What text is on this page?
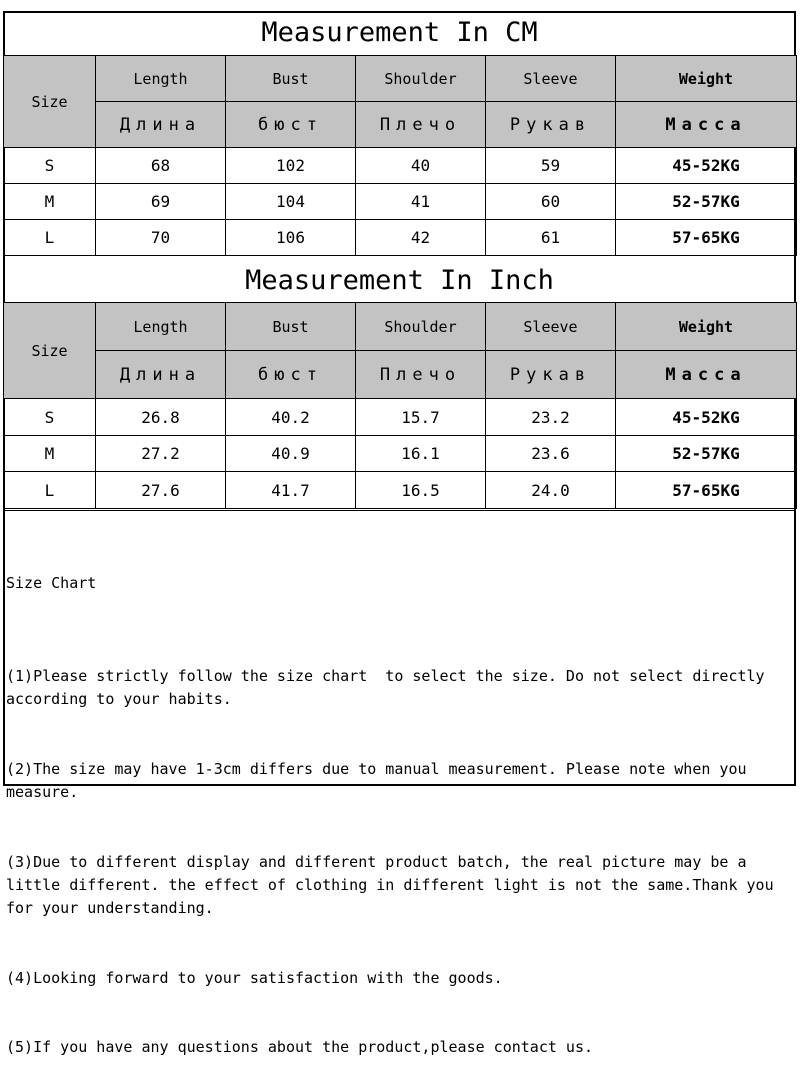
Measurement In CM
Size	Length	Bust	Shoulder	Sleeve	Weight
	Длина	бюст	Плечо	Рукав	Масса
S	68	102	40	59	45-52KG
M	69	104	41	60	52-57KG
L	70	106	42	61	57-65KG
Measurement In Inch
Size	Length	Bust	Shoulder	Sleeve	Weight
	Длина	бюст	Плечо	Рукав	Масса
S	26.8	40.2	15.7	23.2	45-52KG
M	27.2	40.9	16.1	23.6	52-57KG
L	27.6	41.7	16.5	24.0	57-65KG

Size Chart

(1)Please strictly follow the size chart  to select the size. Do not select directly according to your habits.

(2)The size may have 1-3cm differs due to manual measurement. Please note when you measure.

(3)Due to different display and different product batch, the real picture may be a little different. the effect of clothing in different light is not the same.Thank you for your understanding.

(4)Looking forward to your satisfaction with the goods.

(5)If you have any questions about the product,please contact us.
